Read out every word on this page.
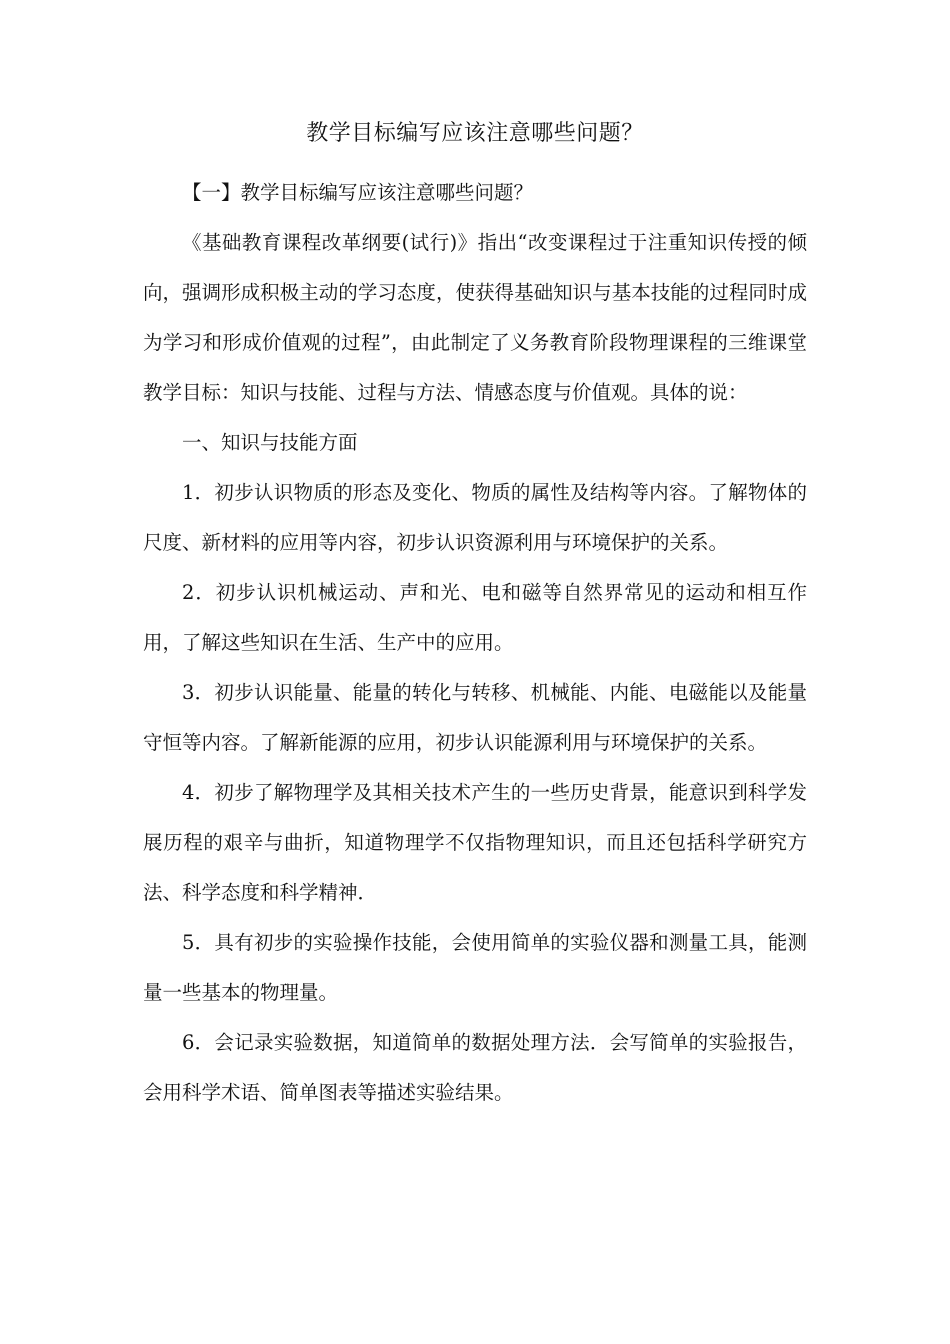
教学目标编写应该注意哪些问题？

【一】教学目标编写应该注意哪些问题？

《基础教育课程改革纲要(试行)》指出“改变课程过于注重知识传授的倾向，强调形成积极主动的学习态度，使获得基础知识与基本技能的过程同时成为学习和形成价值观的过程”，由此制定了义务教育阶段物理课程的三维课堂教学目标：知识与技能、过程与方法、情感态度与价值观。具体的说：

一、知识与技能方面

1．初步认识物质的形态及变化、物质的属性及结构等内容。了解物体的尺度、新材料的应用等内容，初步认识资源利用与环境保护的关系。

2．初步认识机械运动、声和光、电和磁等自然界常见的运动和相互作用，了解这些知识在生活、生产中的应用。

3．初步认识能量、能量的转化与转移、机械能、内能、电磁能以及能量守恒等内容。了解新能源的应用，初步认识能源利用与环境保护的关系。

4．初步了解物理学及其相关技术产生的一些历史背景，能意识到科学发展历程的艰辛与曲折，知道物理学不仅指物理知识，而且还包括科学研究方法、科学态度和科学精神．

5．具有初步的实验操作技能，会使用简单的实验仪器和测量工具，能测量一些基本的物理量。

6．会记录实验数据，知道简单的数据处理方法．会写简单的实验报告，会用科学术语、简单图表等描述实验结果。
